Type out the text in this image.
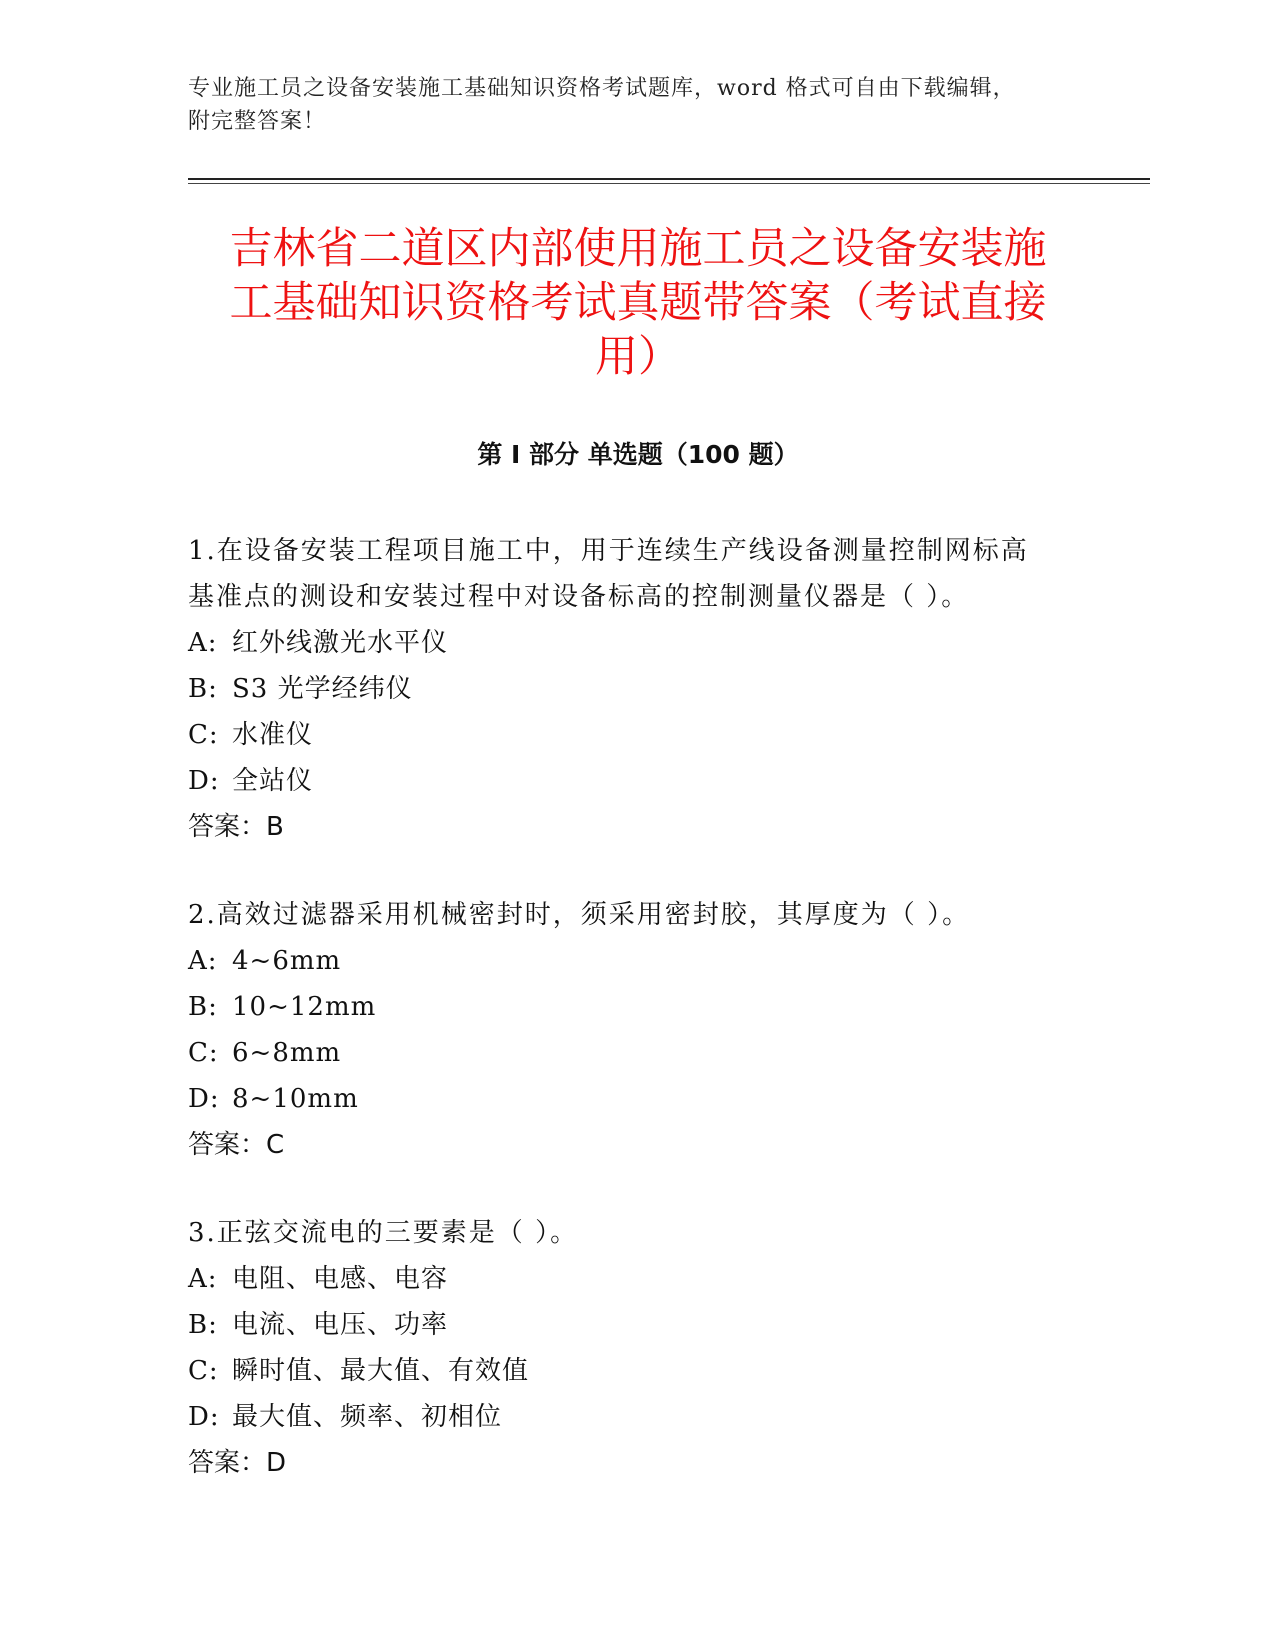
专业施工员之设备安装施工基础知识资格考试题库，word 格式可自由下载编辑，
附完整答案！
吉林省二道区内部使用施工员之设备安装施
工基础知识资格考试真题带答案（考试直接
用）
第 I 部分 单选题（100 题）
1.在设备安装工程项目施工中，用于连续生产线设备测量控制网标高
基准点的测设和安装过程中对设备标高的控制测量仪器是（ ）。
A: 红外线激光水平仪
B: S3 光学经纬仪
C: 水准仪
D: 全站仪
答案：B
2.高效过滤器采用机械密封时，须采用密封胶，其厚度为（ ）。
A: 4~6mm
B: 10~12mm
C: 6~8mm
D: 8~10mm
答案：C
3.正弦交流电的三要素是（ ）。
A: 电阻、电感、电容
B: 电流、电压、功率
C: 瞬时值、最大值、有效值
D: 最大值、频率、初相位
答案：D
